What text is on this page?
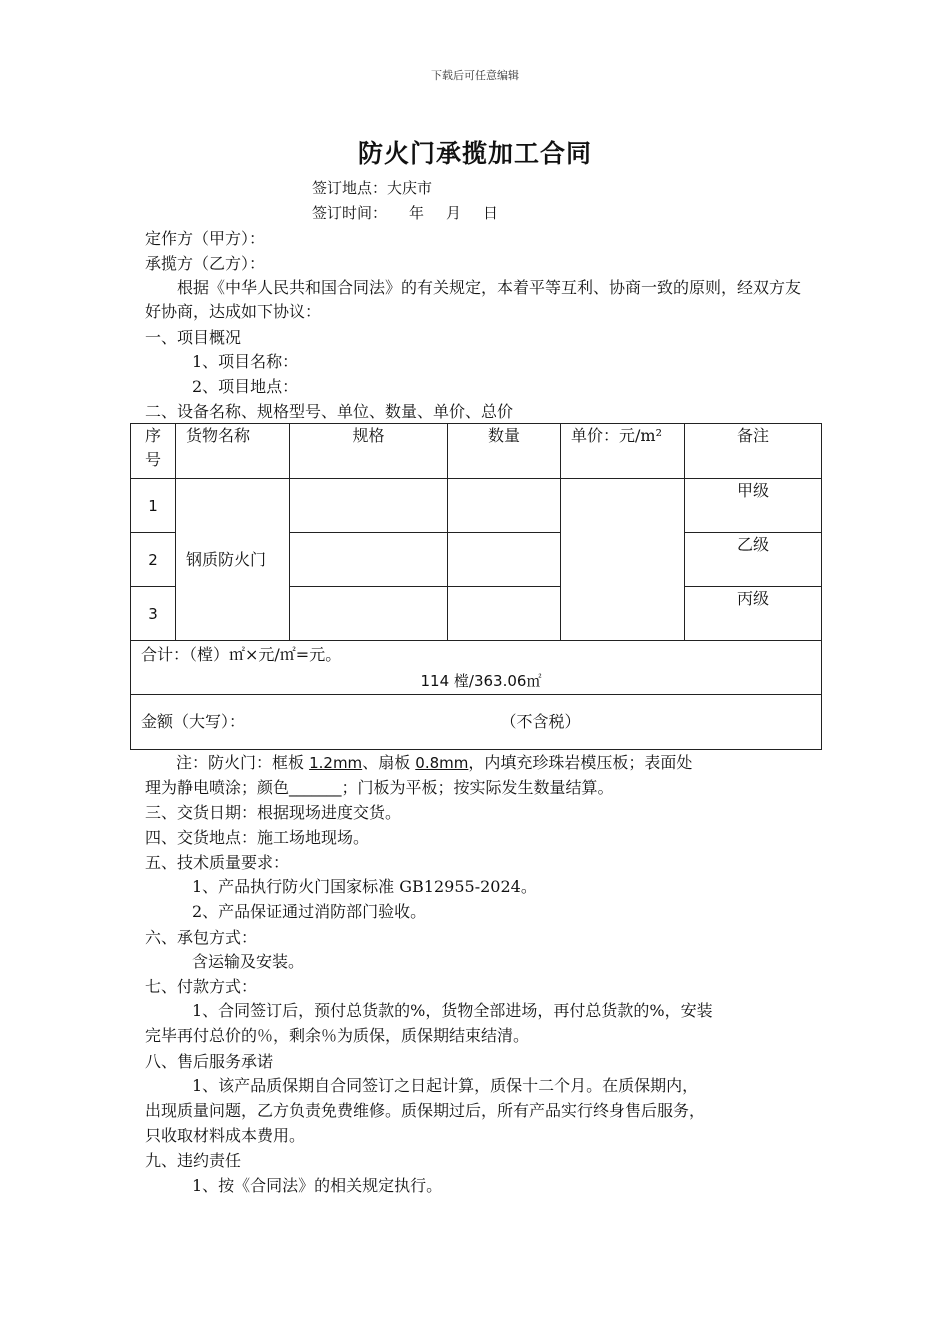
下载后可任意编辑
防火门承揽加工合同
签订地点：大庆市
签订时间： 年 月 日
定作方（甲方）：
承揽方（乙方）：
根据《中华人民共和国合同法》的有关规定，本着平等互利、协商一致的原则，经双方友好协商，达成如下协议：
一、项目概况
1、项目名称：
2、项目地点：
二、设备名称、规格型号、单位、数量、单价、总价
序号	货物名称	规格	数量	单价：元/m²	备注
1	钢质防火门				甲级
2					乙级
3					丙级

合计：（樘）㎡×元/㎡=元。
114 樘/363.06㎡					

金额（大写）： （不含税）					
注：防火门：框板 1.2mm、扇板 0.8mm，内填充珍珠岩模压板；表面处
理为静电喷涂；颜色_______；门板为平板；按实际发生数量结算。
三、交货日期：根据现场进度交货。
四、交货地点：施工场地现场。
五、技术质量要求：
1、产品执行防火门国家标准 GB12955-2024。
2、产品保证通过消防部门验收。
六、承包方式：
含运输及安装。
七、付款方式：
1、合同签订后，预付总货款的%，货物全部进场，再付总货款的%，安装
完毕再付总价的％，剩余％为质保，质保期结束结清。
八、售后服务承诺
1、该产品质保期自合同签订之日起计算，质保十二个月。在质保期内，
出现质量问题，乙方负责免费维修。质保期过后，所有产品实行终身售后服务，
只收取材料成本费用。
九、违约责任
1、按《合同法》的相关规定执行。
